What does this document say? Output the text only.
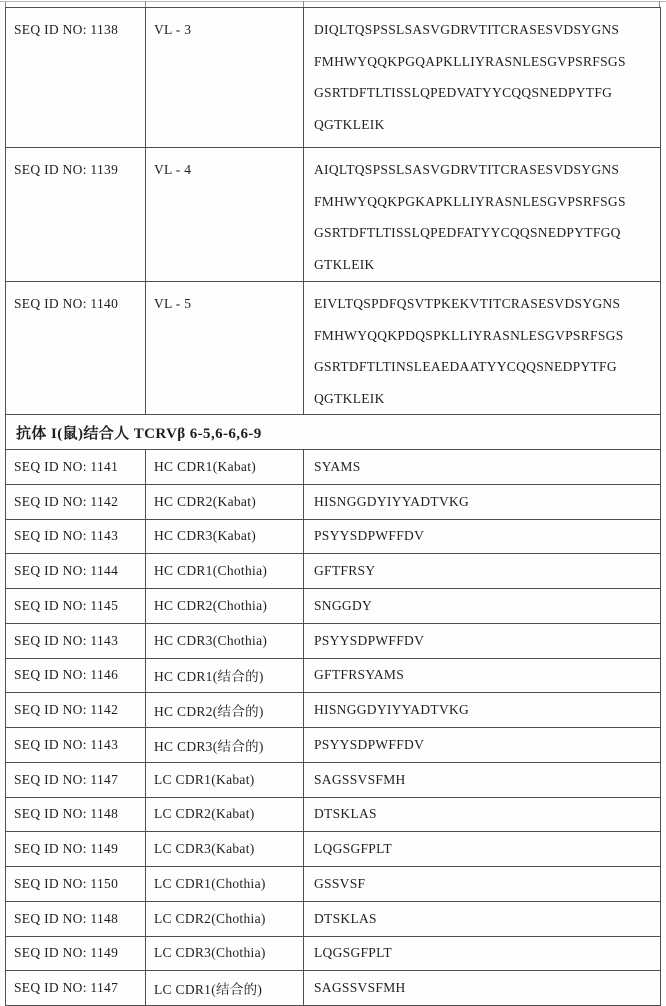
SEQ ID NO: 1138	VL - 3	DIQLTQSPSSLSASVGDRVTITCRASESVDSYGNS
FMHWYQQKPGQAPKLLIYRASNLESGVPSRFSGS
GSRTDFTLTISSLQPEDVATYYCQQSNEDPYTFG
QGTKLEIK
SEQ ID NO: 1139	VL - 4	AIQLTQSPSSLSASVGDRVTITCRASESVDSYGNS
FMHWYQQKPGKAPKLLIYRASNLESGVPSRFSGS
GSRTDFTLTISSLQPEDFATYYCQQSNEDPYTFGQ
GTKLEIK
SEQ ID NO: 1140	VL - 5	EIVLTQSPDFQSVTPKEKVTITCRASESVDSYGNS
FMHWYQQKPDQSPKLLIYRASNLESGVPSRFSGS
GSRTDFTLTINSLEAEDAATYYCQQSNEDPYTFG
QGTKLEIK
抗体 I(鼠)结合人 TCRVβ 6-5,6-6,6-9		
SEQ ID NO: 1141	HC CDR1(Kabat)	SYAMS
SEQ ID NO: 1142	HC CDR2(Kabat)	HISNGGDYIYYADTVKG
SEQ ID NO: 1143	HC CDR3(Kabat)	PSYYSDPWFFDV
SEQ ID NO: 1144	HC CDR1(Chothia)	GFTFRSY
SEQ ID NO: 1145	HC CDR2(Chothia)	SNGGDY
SEQ ID NO: 1143	HC CDR3(Chothia)	PSYYSDPWFFDV
SEQ ID NO: 1146	HC CDR1(结合的)	GFTFRSYAMS
SEQ ID NO: 1142	HC CDR2(结合的)	HISNGGDYIYYADTVKG
SEQ ID NO: 1143	HC CDR3(结合的)	PSYYSDPWFFDV
SEQ ID NO: 1147	LC CDR1(Kabat)	SAGSSVSFMH
SEQ ID NO: 1148	LC CDR2(Kabat)	DTSKLAS
SEQ ID NO: 1149	LC CDR3(Kabat)	LQGSGFPLT
SEQ ID NO: 1150	LC CDR1(Chothia)	GSSVSF
SEQ ID NO: 1148	LC CDR2(Chothia)	DTSKLAS
SEQ ID NO: 1149	LC CDR3(Chothia)	LQGSGFPLT
SEQ ID NO: 1147	LC CDR1(结合的)	SAGSSVSFMH
